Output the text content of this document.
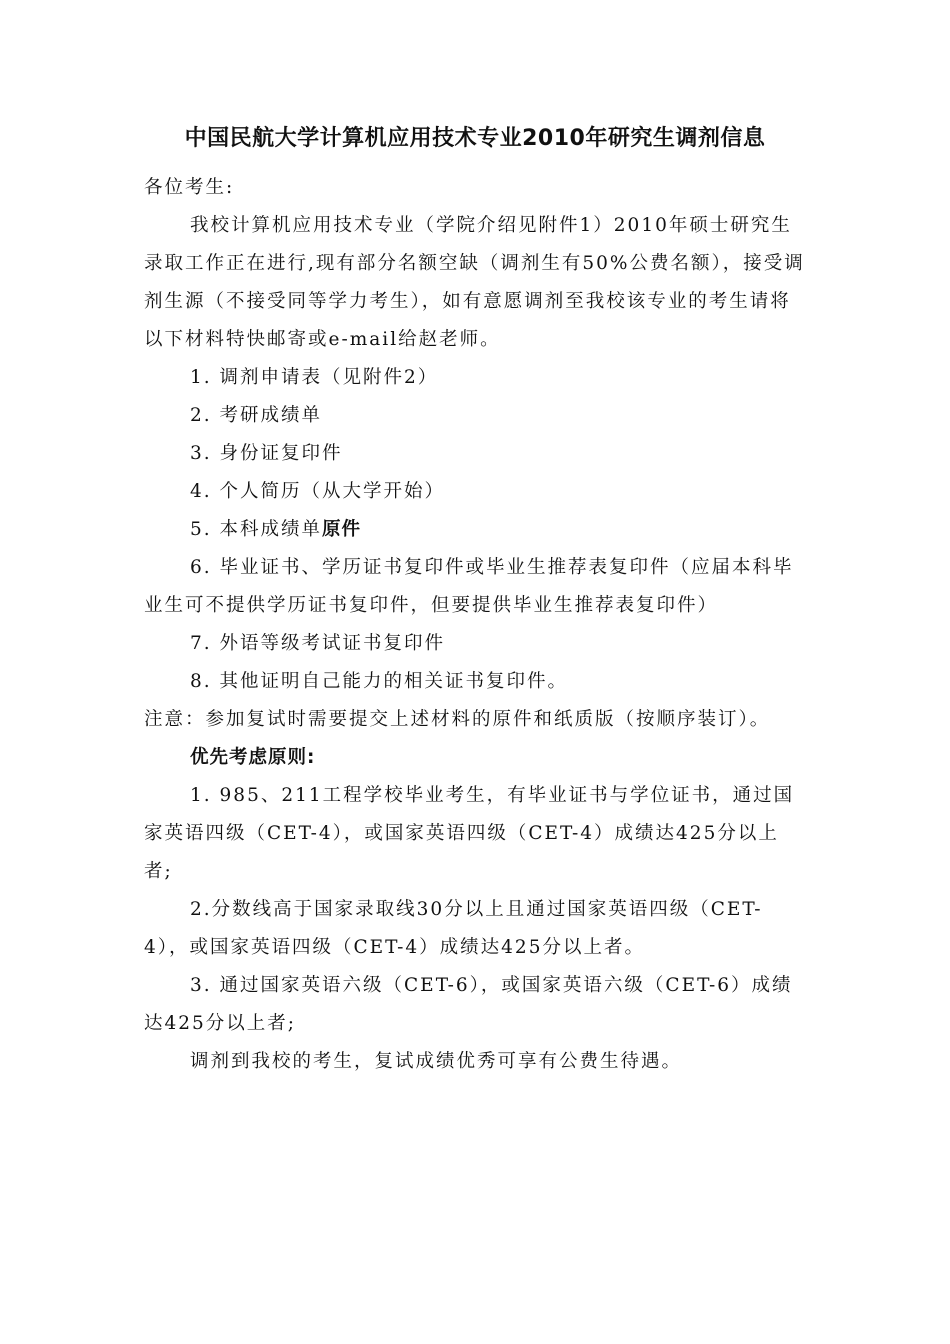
中国民航大学计算机应用技术专业2010年研究生调剂信息

各位考生:

我校计算机应用技术专业（学院介绍见附件1）2010年硕士研究生录取工作正在进行,现有部分名额空缺（调剂生有50%公费名额），接受调剂生源（不接受同等学力考生），如有意愿调剂至我校该专业的考生请将以下材料特快邮寄或e-mail给赵老师。

1. 调剂申请表（见附件2）

2. 考研成绩单

3. 身份证复印件

4. 个人简历（从大学开始）

5. 本科成绩单原件

6. 毕业证书、学历证书复印件或毕业生推荐表复印件（应届本科毕业生可不提供学历证书复印件，但要提供毕业生推荐表复印件）

7. 外语等级考试证书复印件

8. 其他证明自己能力的相关证书复印件。

注意：参加复试时需要提交上述材料的原件和纸质版（按顺序装订）。

优先考虑原则:

1. 985、211工程学校毕业考生，有毕业证书与学位证书，通过国家英语四级（CET-4），或国家英语四级（CET-4）成绩达425分以上者;

2.分数线高于国家录取线30分以上且通过国家英语四级（CET-4），或国家英语四级（CET-4）成绩达425分以上者。

3. 通过国家英语六级（CET-6），或国家英语六级（CET-6）成绩达425分以上者;

调剂到我校的考生，复试成绩优秀可享有公费生待遇。
